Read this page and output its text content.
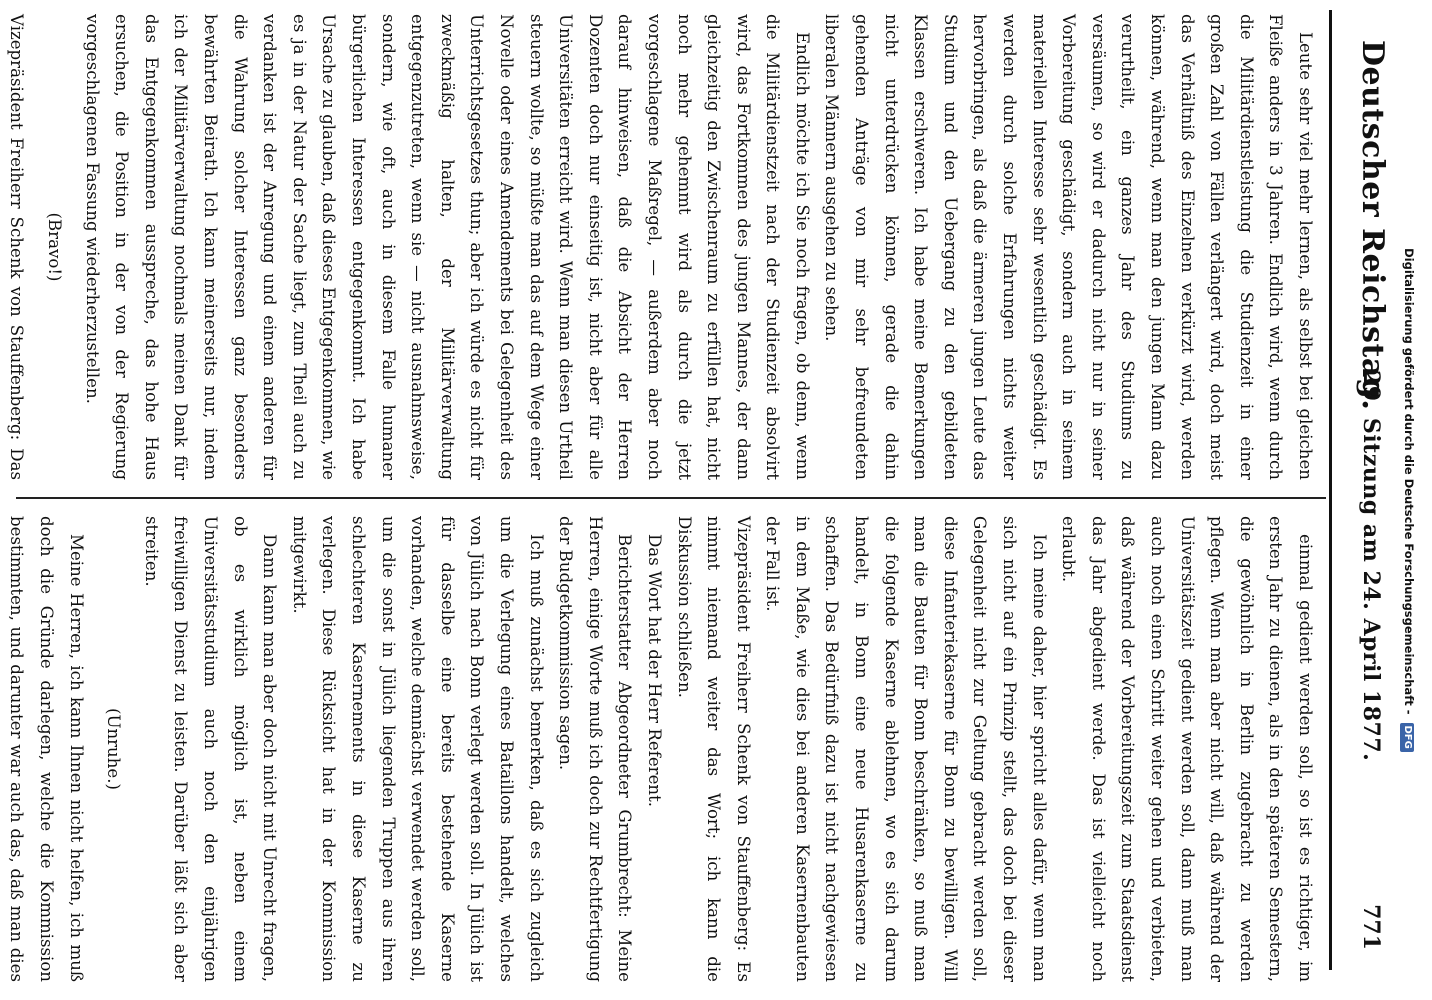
Deutscher Reichstag.
29. Sitzung am 24. April 1877.
771

Leute sehr viel mehr lernen, als selbst bei gleichen Fleiße anders in 3 Jahren. Endlich wird, wenn durch die Militärdienstleistung die Studienzeit in einer großen Zahl von Fällen verlängert wird, doch meist das Verhältniß des Einzelnen verkürzt wird, werden können, während, wenn man den jungen Mann dazu verurtheilt, ein ganzes Jahr des Studiums zu versäumen, so wird er dadurch nicht nur in seiner Vorbereitung geschädigt, sondern auch in seinem materiellen Interesse sehr wesentlich geschädigt. Es werden durch solche Erfahrungen nichts weiter hervorbringen, als daß die ärmeren jungen Leute das Studium und den Uebergang zu den gebildeten Klassen erschweren. Ich habe meine Bemerkungen nicht unterdrücken können, gerade die dahin gehenden Anträge von mir sehr befreundeten liberalen Männern ausgehen zu sehen.

Endlich möchte ich Sie noch fragen, ob denn, wenn die Militärdienstzeit nach der Studienzeit absolvirt wird, das Fortkommen des jungen Mannes, der dann gleichzeitig den Zwischenraum zu erfüllen hat, nicht noch mehr gehemmt wird als durch die jetzt vorgeschlagene Maßregel, — außerdem aber noch darauf hinweisen, daß die Absicht der Herren Dozenten doch nur einseitig ist, nicht aber für alle Universitäten erreicht wird. Wenn man diesen Urtheil steuern wollte, so müßte man das auf dem Wege einer Novelle oder eines Amendements bei Gelegenheit des Unterrichtsgesetzes thun; aber ich würde es nicht für zweckmäßig halten, der Militärverwaltung entgegenzutreten, wenn sie — nicht ausnahmsweise, sondern, wie oft, auch in diesem Falle humaner bürgerlichen Interessen entgegenkommt. Ich habe Ursache zu glauben, daß dieses Entgegenkommen, wie es ja in der Natur der Sache liegt, zum Theil auch zu verdanken ist der Anregung und einem anderen für die Wahrung solcher Interessen ganz besonders bewährten Beirath. Ich kann meinerseits nur, indem ich der Militärverwaltung nochmals meinen Dank für das Entgegenkommen ausspreche, das hohe Haus ersuchen, die Position in der von der Regierung vorgeschlagenen Fassung wiederherzustellen.

(Bravo!)

Vizepräsident Freiherr Schenk von Stauffenberg: Das

einmal gedient werden soll, so ist es richtiger, im ersten Jahr zu dienen, als in den späteren Semestern, die gewöhnlich in Berlin zugebracht zu werden pflegen. Wenn man aber nicht will, daß während der Universitätszeit gedient werden soll, dann muß man auch noch einen Schritt weiter gehen und verbieten, daß während der Vorbereitungszeit zum Staatsdienst das Jahr abgedient werde. Das ist vielleicht noch erlaubt.

Ich meine daher, hier spricht alles dafür, wenn man sich nicht auf ein Prinzip stellt, das doch bei dieser Gelegenheit nicht zur Geltung gebracht werden soll, diese Infanteriekaserne für Bonn zu bewilligen. Will man die Bauten für Bonn beschränken, so muß man die folgende Kaserne ablehnen, wo es sich darum handelt, in Bonn eine neue Husarenkaserne zu schaffen. Das Bedürfniß dazu ist nicht nachgewiesen in dem Maße, wie dies bei anderen Kasernenbauten der Fall ist.

Vizepräsident Freiherr Schenk von Stauffenberg: Es nimmt niemand weiter das Wort; ich kann die Diskussion schließen.

Das Wort hat der Herr Referent.

Berichterstatter Abgeordneter Grumbrecht: Meine Herren, einige Worte muß ich doch zur Rechtfertigung der Budgetkommission sagen.

Ich muß zunächst bemerken, daß es sich zugleich um die Verlegung eines Bataillons handelt, welches von Jülich nach Bonn verlegt werden soll. In Jülich ist für dasselbe eine bereits bestehende Kaserne vorhanden, welche demnächst verwendet werden soll, um die sonst in Jülich liegenden Truppen aus ihren schlechteren Kasernements in diese Kaserne zu verlegen. Diese Rücksicht hat in der Kommission mitgewirkt.

Dann kann man aber doch nicht mit Unrecht fragen, ob es wirklich möglich ist, neben einem Universitätsstudium auch noch den einjährigen freiwilligen Dienst zu leisten. Darüber läßt sich aber streiten.

(Unruhe.)

Meine Herren, ich kann Ihnen nicht helfen, ich muß doch die Gründe darlegen, welche die Kommission bestimmten, und darunter war auch das, daß man dies

Digitalisierung gefördert durch die Deutsche Forschungsgemeinschaft - DFG
